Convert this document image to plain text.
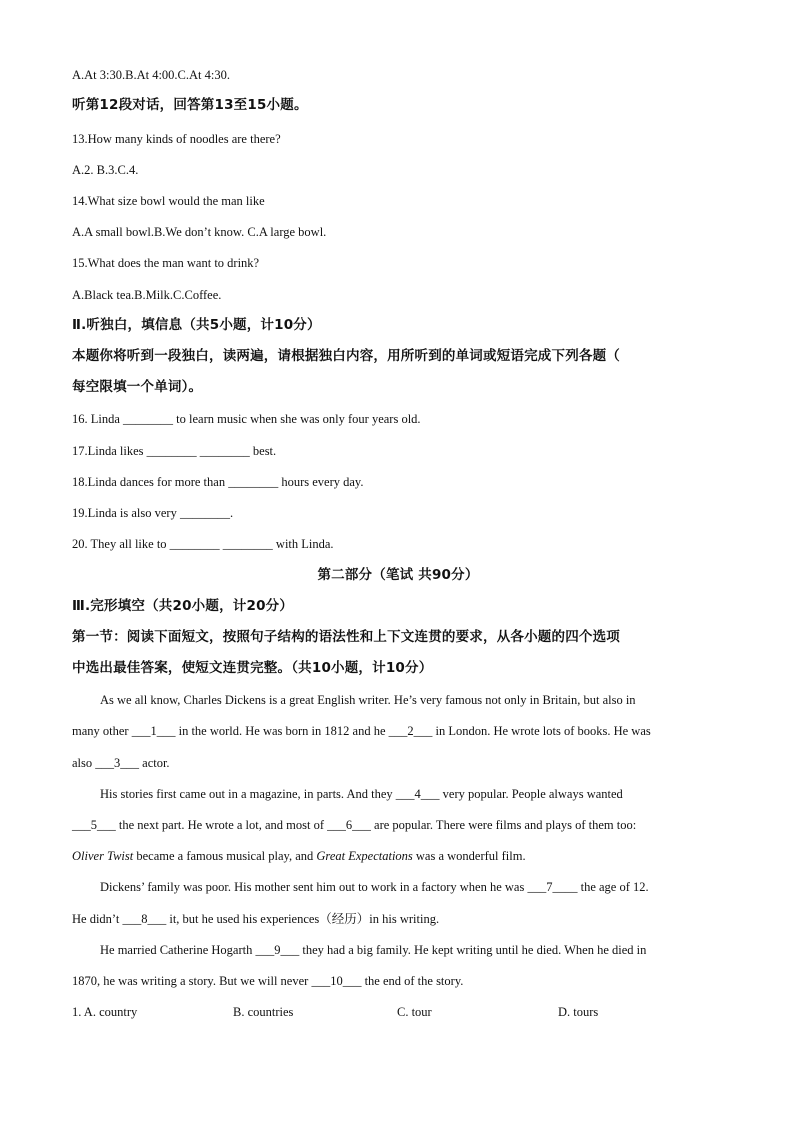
A.At 3:30.B.At 4:00.C.At 4:30.
听第12段对话，回答第13至15小题。
13.How many kinds of noodles are there?
A.2. B.3.C.4.
14.What size bowl would the man like
A.A small bowl.B.We don’t know. C.A large bowl.
15.What does the man want to drink?
A.Black tea.B.Milk.C.Coffee.
Ⅱ.听独白，填信息（共5小题，计10分）
本题你将听到一段独白，读两遍，请根据独白内容，用所听到的单词或短语完成下列各题（
每空限填一个单词）。
16. Linda ________ to learn music when she was only four years old.
17.Linda likes ________ ________ best.
18.Linda dances for more than ________ hours every day.
19.Linda is also very ________.
20. They all like to ________ ________ with Linda.
第二部分（笔试 共90分）
Ⅲ.完形填空（共20小题，计20分）
第一节：阅读下面短文，按照句子结构的语法性和上下文连贯的要求，从各小题的四个选项
中选出最佳答案，使短文连贯完整。（共10小题，计10分）
As we all know, Charles Dickens is a great English writer. He’s very famous not only in Britain, but also in
many other ___1___ in the world. He was born in 1812 and he ___2___ in London. He wrote lots of books. He was
also ___3___ actor.
His stories first came out in a magazine, in parts. And they ___4___ very popular. People always wanted
___5___ the next part. He wrote a lot, and most of ___6___ are popular. There were films and plays of them too:
Oliver Twist became a famous musical play, and Great Expectations was a wonderful film.
Dickens’ family was poor. His mother sent him out to work in a factory when he was ___7____ the age of 12.
He didn’t ___8___ it, but he used his experiences（经历）in his writing.
He married Catherine Hogarth ___9___ they had a big family. He kept writing until he died. When he died in
1870, he was writing a story. But we will never ___10___ the end of the story.
1. A. country	B. countries	C. tour	D. tours
